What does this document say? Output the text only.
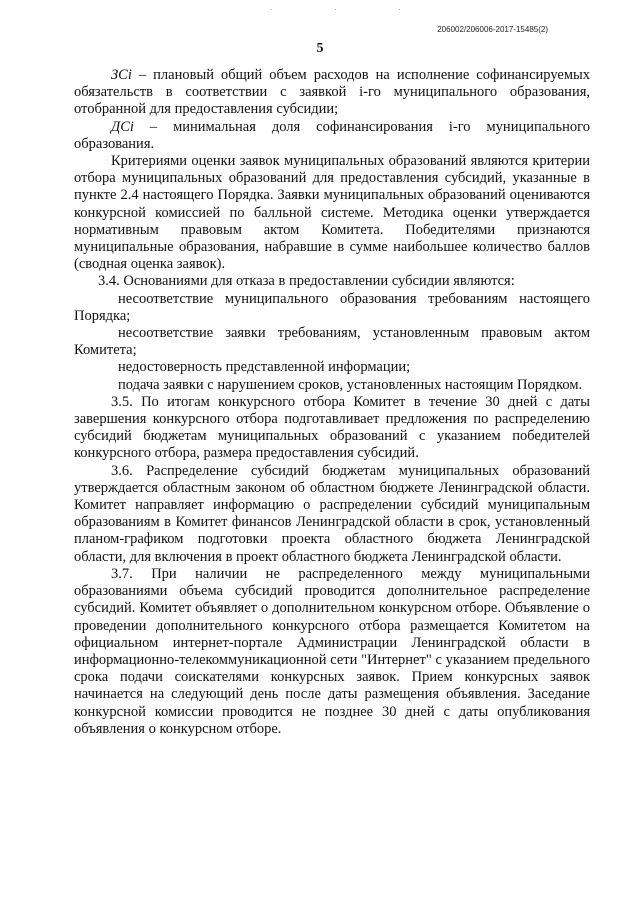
· · ·
206002/206006-2017-15485(2)
5

ЗСi – плановый общий объем расходов на исполнение софинансируемых обязательств в соответствии с заявкой i-го муниципального образования, отобранной для предоставления субсидии;

ДСi – минимальная доля софинансирования i-го муниципального образования.

Критериями оценки заявок муниципальных образований являются критерии отбора муниципальных образований для предоставления субсидий, указанные в пункте 2.4 настоящего Порядка. Заявки муниципальных образований оцениваются конкурсной комиссией по балльной системе. Методика оценки утверждается нормативным правовым актом Комитета. Победителями признаются муниципальные образования, набравшие в сумме наибольшее количество баллов (сводная оценка заявок).

3.4. Основаниями для отказа в предоставлении субсидии являются:

несоответствие муниципального образования требованиям настоящего Порядка;

несоответствие заявки требованиям, установленным правовым актом Комитета;

недостоверность представленной информации;

подача заявки с нарушением сроков, установленных настоящим Порядком.

3.5. По итогам конкурсного отбора Комитет в течение 30 дней с даты завершения конкурсного отбора подготавливает предложения по распределению субсидий бюджетам муниципальных образований с указанием победителей конкурсного отбора, размера предоставления субсидий.

3.6. Распределение субсидий бюджетам муниципальных образований утверждается областным законом об областном бюджете Ленинградской области. Комитет направляет информацию о распределении субсидий муниципальным образованиям в Комитет финансов Ленинградской области в срок, установленный планом-графиком подготовки проекта областного бюджета Ленинградской области, для включения в проект областного бюджета Ленинградской области.

3.7. При наличии не распределенного между муниципальными образованиями объема субсидий проводится дополнительное распределение субсидий. Комитет объявляет о дополнительном конкурсном отборе. Объявление о проведении дополнительного конкурсного отбора размещается Комитетом на официальном интернет-портале Администрации Ленинградской области в информационно-телекоммуникационной сети "Интернет" с указанием предельного срока подачи соискателями конкурсных заявок. Прием конкурсных заявок начинается на следующий день после даты размещения объявления. Заседание конкурсной комиссии проводится не позднее 30 дней с даты опубликования объявления о конкурсном отборе.
